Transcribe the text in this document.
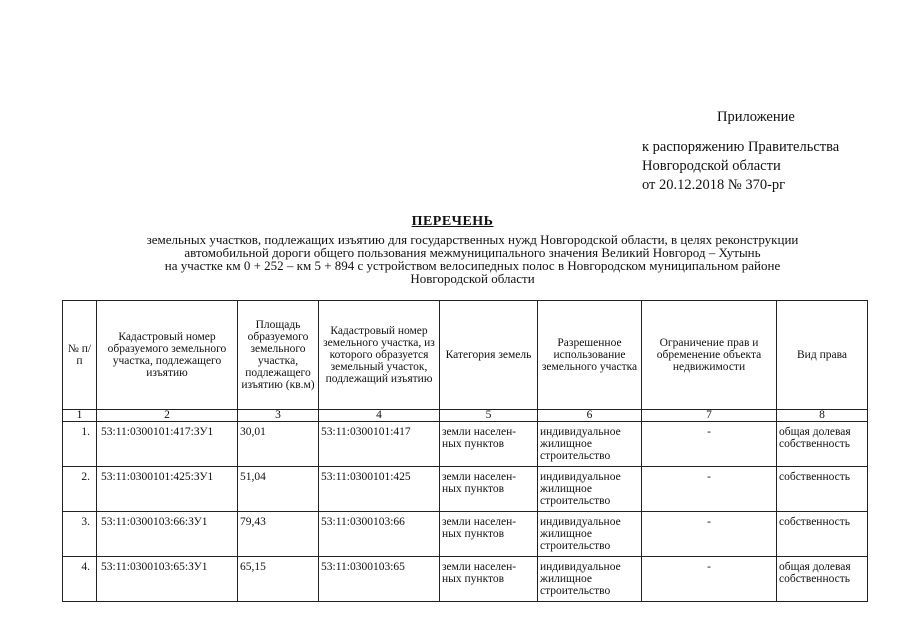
Приложение
к распоряжению Правительства
Новгородской области
от 20.12.2018 № 370-рг
ПЕРЕЧЕНЬ
земельных участков, подлежащих изъятию для государственных нужд Новгородской области, в целях реконструкции
автомобильной дороги общего пользования межмуниципального значения Великий Новгород – Хутынь
на участке км 0 + 252 – км 5 + 894 с устройством велосипедных полос в Новгородском муниципальном районе
Новгородской области
№ п/п	Кадастровый номер образуемого земельного участка, подлежащего изъятию	Площадь образуемого земельного участка, подлежащего изъятию (кв.м)	Кадастровый номер земельного участка, из которого образуется земельный участок, подлежащий изъятию	Категория земель	Разрешенное использование земельного участка	Ограничение прав и обременение объекта недвижимости	Вид права
1	2	3	4	5	6	7	8
1.	53:11:0300101:417:ЗУ1	30,01	53:11:0300101:417	земли населен-ных пунктов	индивидуальное жилищное строительство	-	общая долевая собственность
2.	53:11:0300101:425:ЗУ1	51,04	53:11:0300101:425	земли населен-ных пунктов	индивидуальное жилищное строительство	-	собственность
3.	53:11:0300103:66:ЗУ1	79,43	53:11:0300103:66	земли населен-ных пунктов	индивидуальное жилищное строительство	-	собственность
4.	53:11:0300103:65:ЗУ1	65,15	53:11:0300103:65	земли населен-ных пунктов	индивидуальное жилищное строительство	-	общая долевая собственность
